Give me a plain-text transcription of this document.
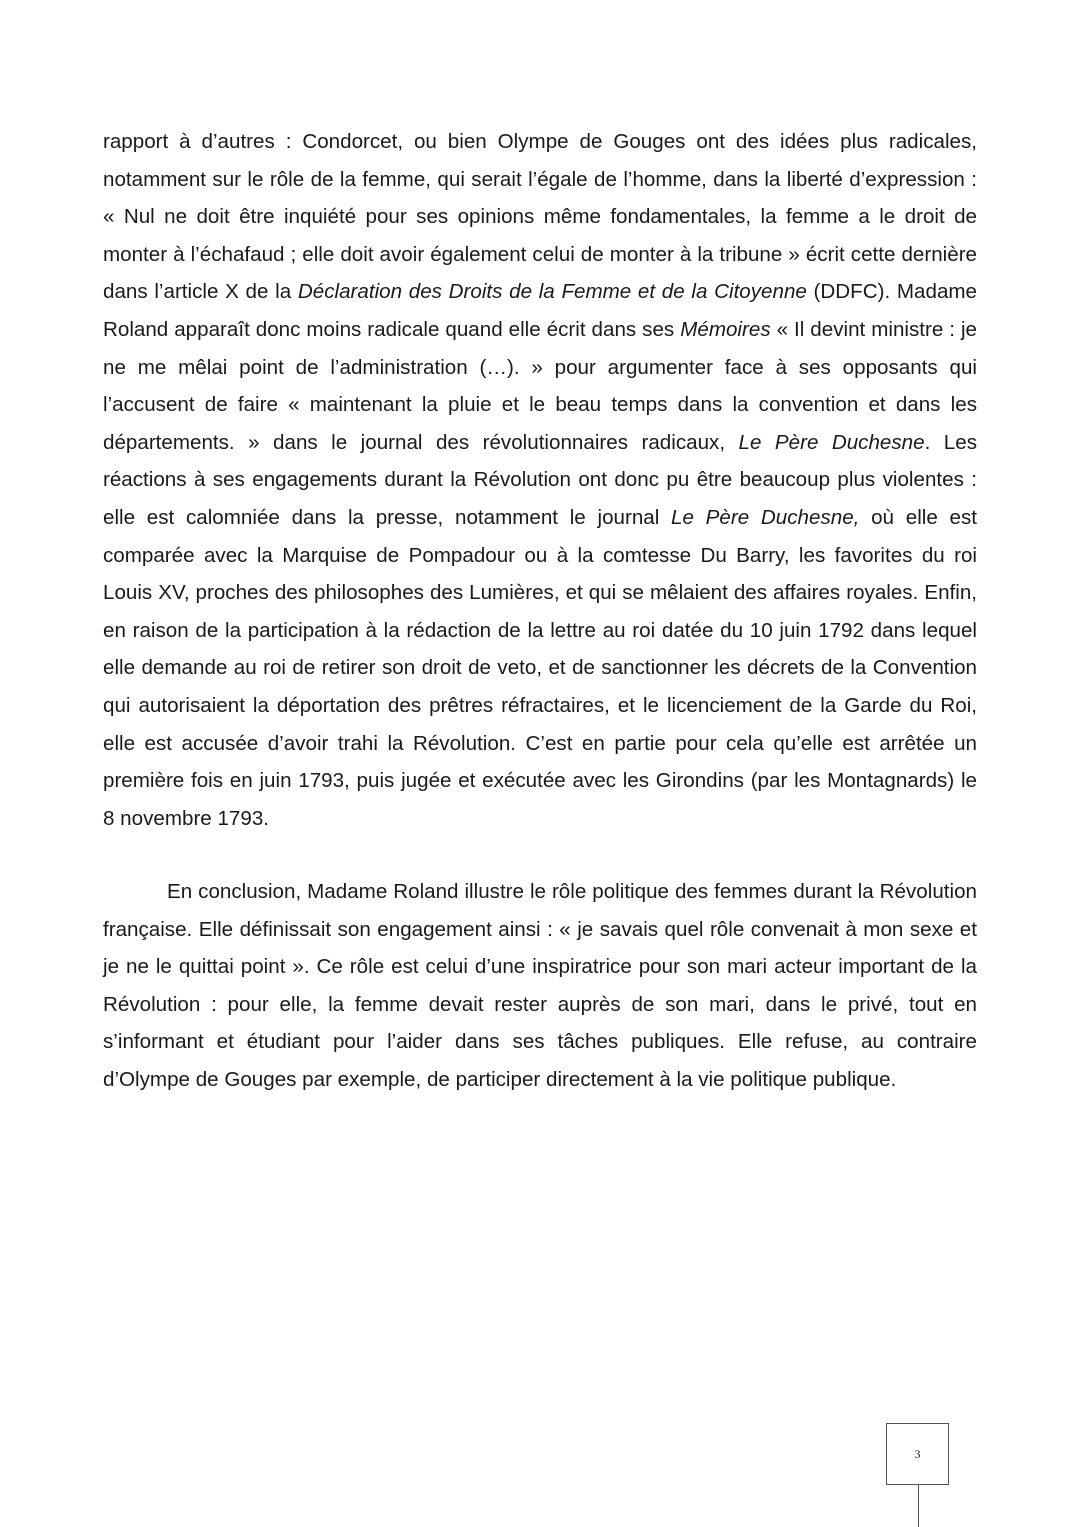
rapport à d’autres : Condorcet, ou bien Olympe de Gouges ont des idées plus radicales, notamment sur le rôle de la femme, qui serait l’égale de l’homme, dans la liberté d’expression : « Nul ne doit être inquiété pour ses opinions même fondamentales, la femme a le droit de monter à l’échafaud ; elle doit avoir également celui de monter à la tribune » écrit cette dernière dans l’article X de la Déclaration des Droits de la Femme et de la Citoyenne (DDFC). Madame Roland apparaît donc moins radicale quand elle écrit dans ses Mémoires « Il devint ministre : je ne me mêlai point de l’administration (…). » pour argumenter face à ses opposants qui l’accusent de faire « maintenant la pluie et le beau temps dans la convention et dans les départements. » dans le journal des révolutionnaires radicaux, Le Père Duchesne. Les réactions à ses engagements durant la Révolution ont donc pu être beaucoup plus violentes : elle est calomniée dans la presse, notamment le journal Le Père Duchesne, où elle est comparée avec la Marquise de Pompadour ou à la comtesse Du Barry, les favorites du roi Louis XV, proches des philosophes des Lumières, et qui se mêlaient des affaires royales. Enfin, en raison de la participation à la rédaction de la lettre au roi datée du 10 juin 1792 dans lequel elle demande au roi de retirer son droit de veto, et de sanctionner les décrets de la Convention qui autorisaient la déportation des prêtres réfractaires, et le licenciement de la Garde du Roi, elle est accusée d’avoir trahi la Révolution. C’est en partie pour cela qu’elle est arrêtée un première fois en juin 1793, puis jugée et exécutée avec les Girondins (par les Montagnards) le 8 novembre 1793.

En conclusion, Madame Roland illustre le rôle politique des femmes durant la Révolution française. Elle définissait son engagement ainsi : « je savais quel rôle convenait à mon sexe et je ne le quittai point ». Ce rôle est celui d’une inspiratrice pour son mari acteur important de la Révolution : pour elle, la femme devait rester auprès de son mari, dans le privé, tout en s’informant et étudiant pour l’aider dans ses tâches publiques. Elle refuse, au contraire d’Olympe de Gouges par exemple, de participer directement à la vie politique publique.

3
